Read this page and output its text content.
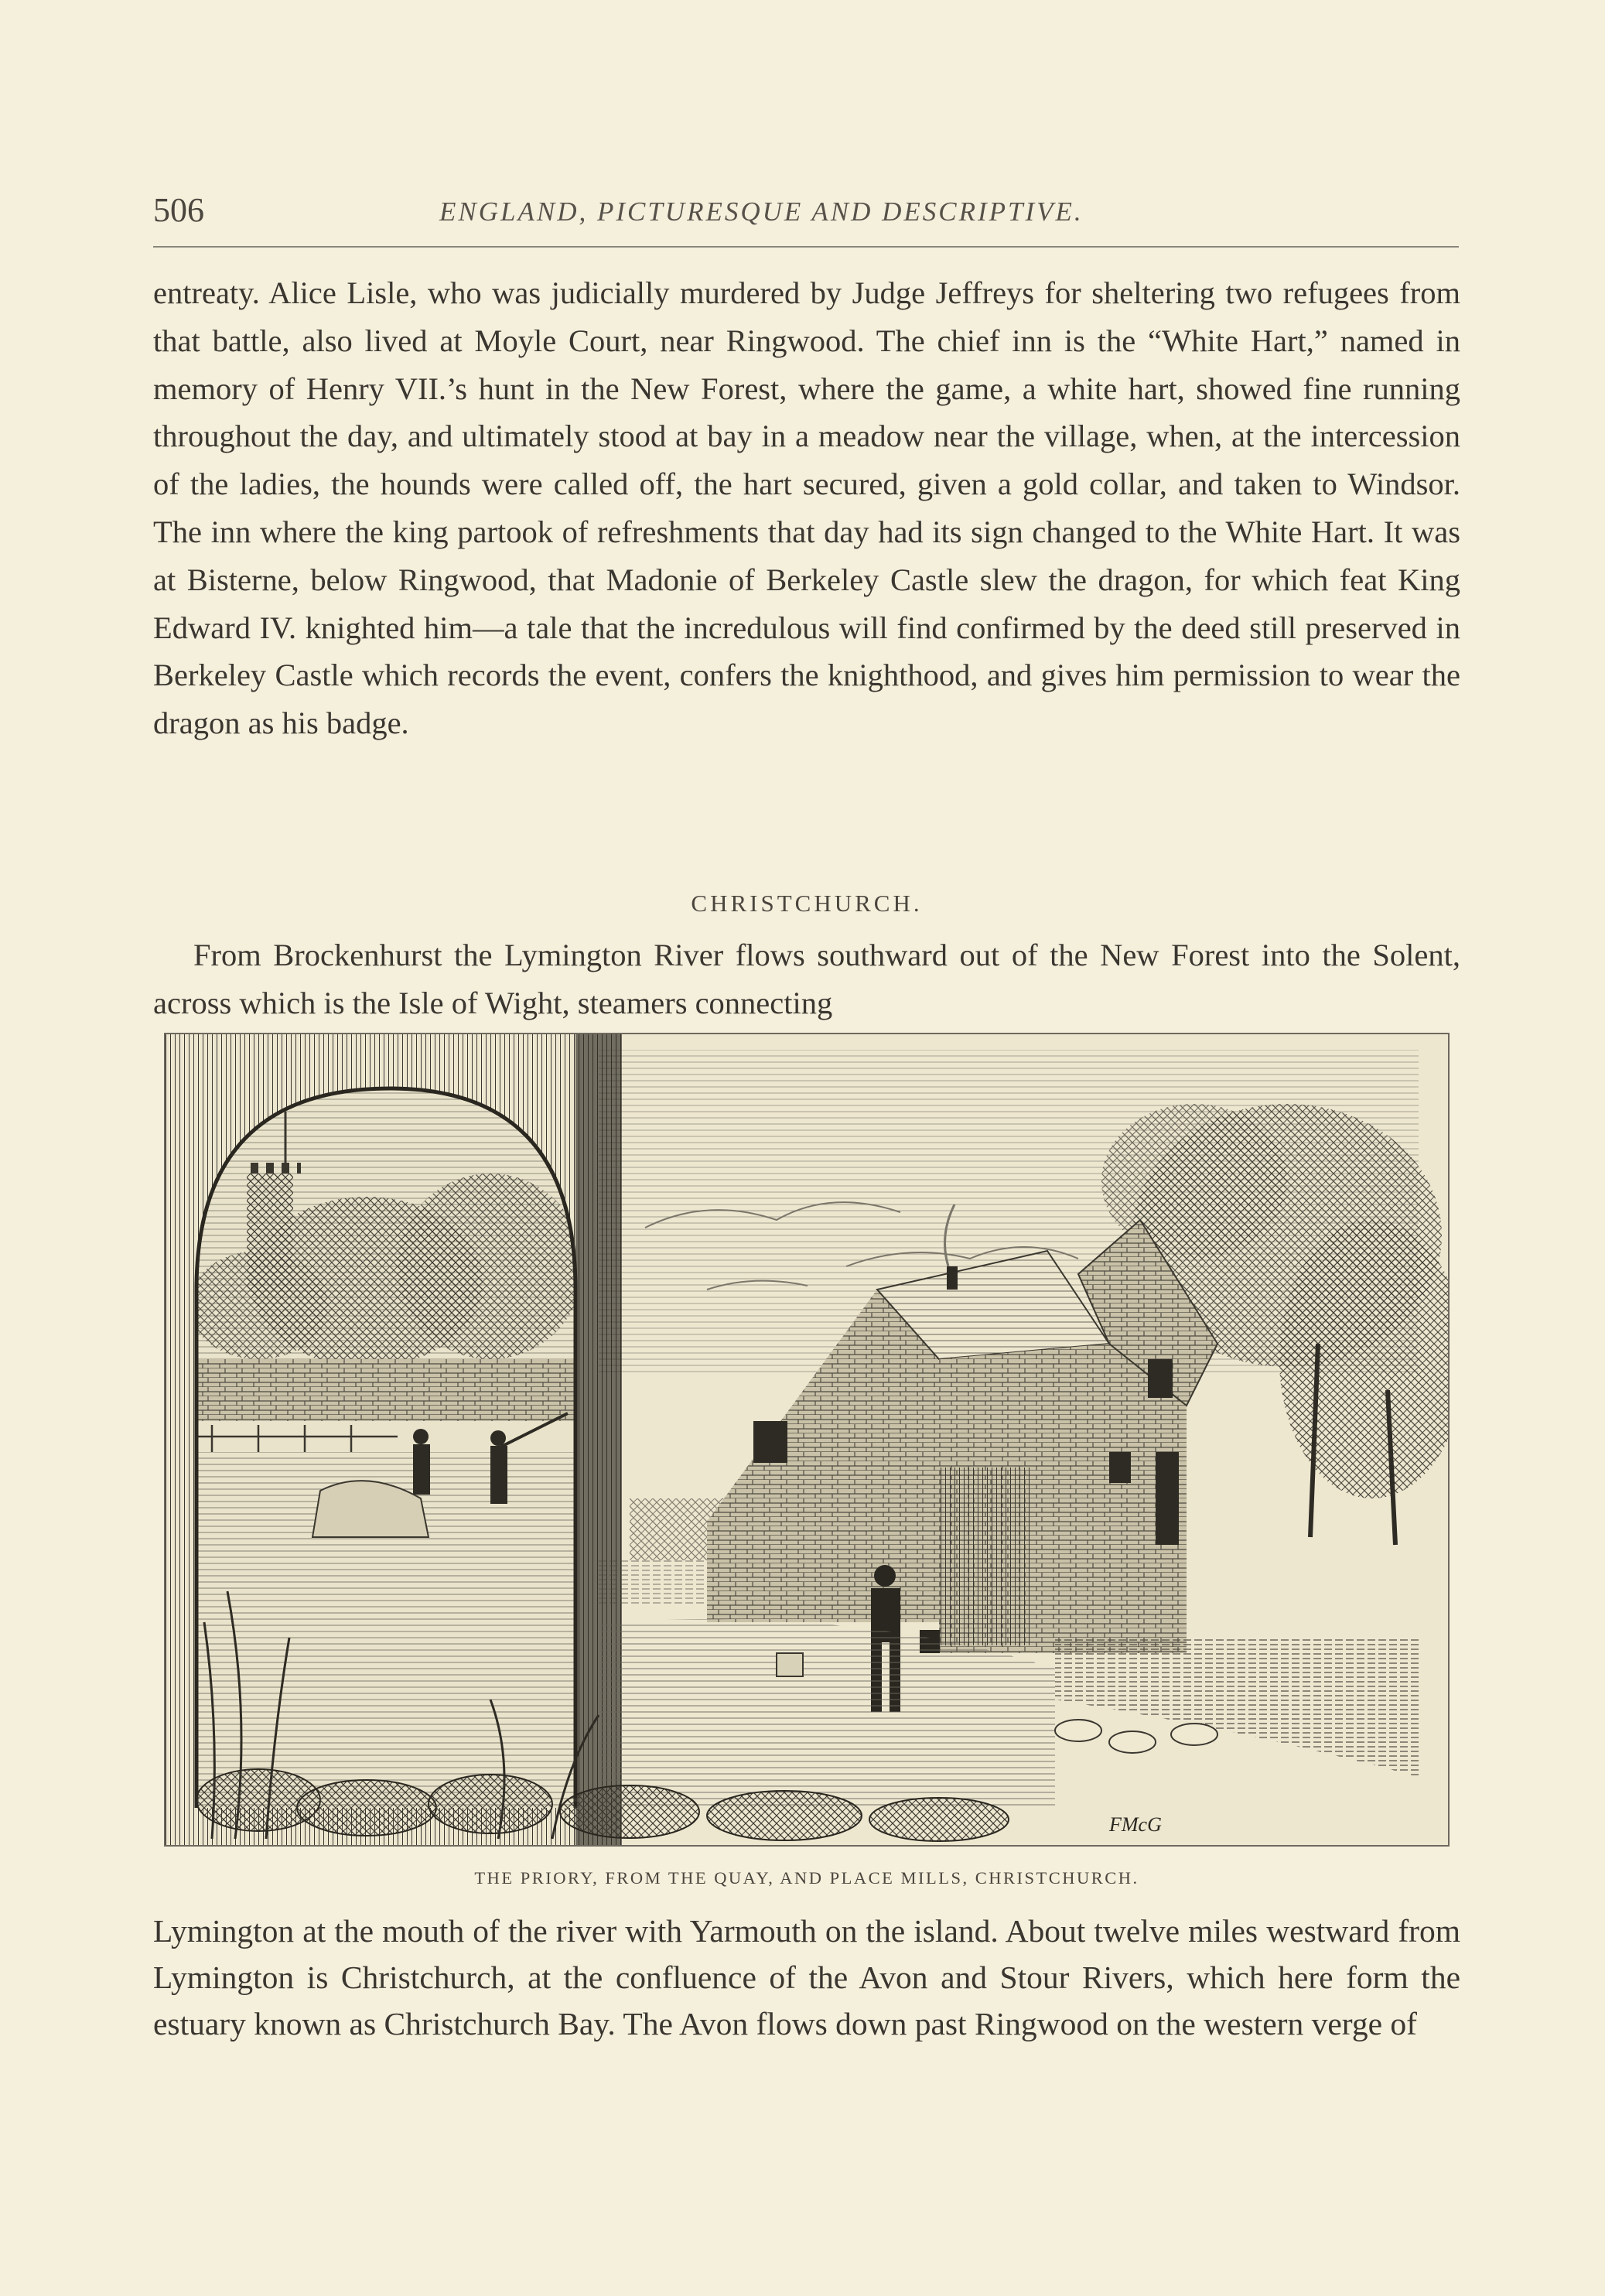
506	ENGLAND, PICTURESQUE AND DESCRIPTIVE.

entreaty. Alice Lisle, who was judicially murdered by Judge Jeffreys for sheltering two refugees from that battle, also lived at Moyle Court, near Ringwood. The chief inn is the “White Hart,” named in memory of Henry VII.’s hunt in the New Forest, where the game, a white hart, showed fine running throughout the day, and ultimately stood at bay in a meadow near the village, when, at the intercession of the ladies, the hounds were called off, the hart secured, given a gold collar, and taken to Windsor. The inn where the king partook of refreshments that day had its sign changed to the White Hart. It was at Bisterne, below Ringwood, that Madonie of Berkeley Castle slew the dragon, for which feat King Edward IV. knighted him—a tale that the incredulous will find confirmed by the deed still preserved in Berkeley Castle which records the event, confers the knighthood, and gives him permission to wear the dragon as his badge.

CHRISTCHURCH.

From Brockenhurst the Lymington River flows southward out of the New Forest into the Solent, across which is the Isle of Wight, steamers connecting

FMcG
THE PRIORY, FROM THE QUAY, AND PLACE MILLS, CHRISTCHURCH.

Lymington at the mouth of the river with Yarmouth on the island. About twelve miles westward from Lymington is Christchurch, at the confluence of the Avon and Stour Rivers, which here form the estuary known as Christchurch Bay. The Avon flows down past Ringwood on the western verge of
